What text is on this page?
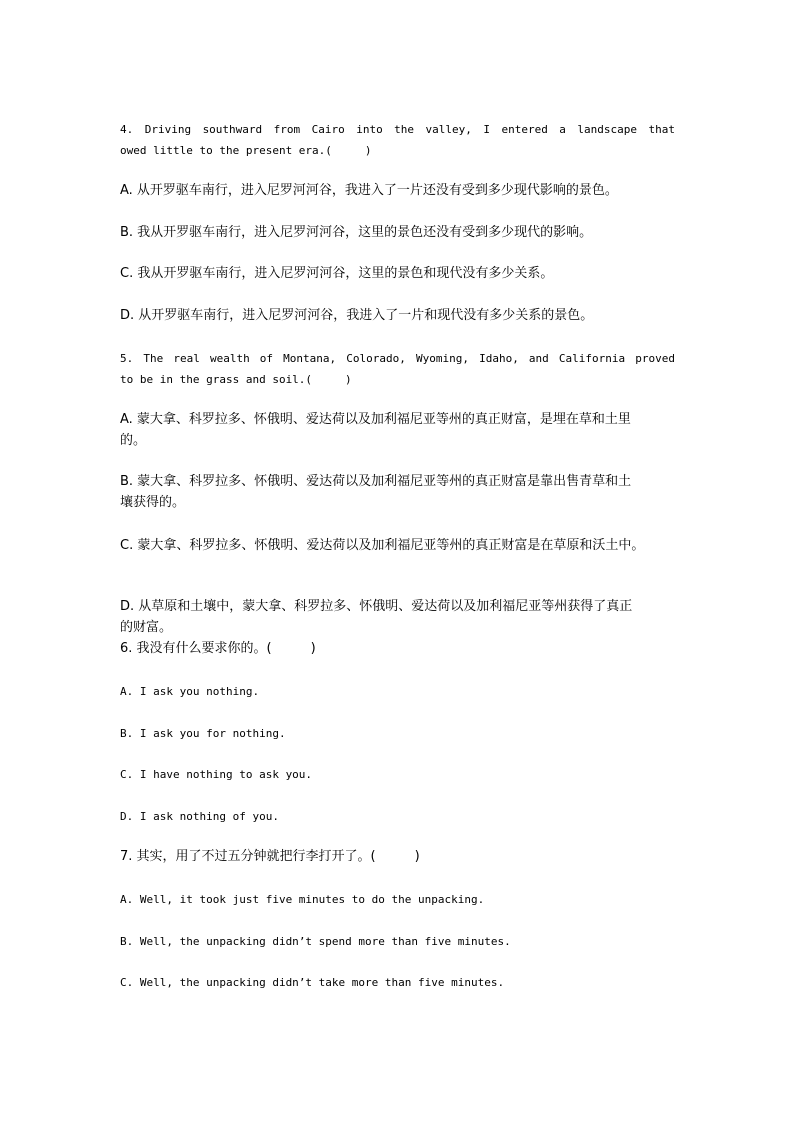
4. Driving southward from Cairo into the valley, I entered a landscape that
owed little to the present era.(　　　)
A. 从开罗驱车南行，进入尼罗河河谷，我进入了一片还没有受到多少现代影响的景色。
B. 我从开罗驱车南行，进入尼罗河河谷，这里的景色还没有受到多少现代的影响。
C. 我从开罗驱车南行，进入尼罗河河谷，这里的景色和现代没有多少关系。
D. 从开罗驱车南行，进入尼罗河河谷，我进入了一片和现代没有多少关系的景色。
5. The real wealth of Montana, Colorado, Wyoming, Idaho, and California proved
to be in the grass and soil.(　　　)
A. 蒙大拿、科罗拉多、怀俄明、爱达荷以及加利福尼亚等州的真正财富，是埋在草和土里
的。
B. 蒙大拿、科罗拉多、怀俄明、爱达荷以及加利福尼亚等州的真正财富是靠出售青草和土
壤获得的。
C. 蒙大拿、科罗拉多、怀俄明、爱达荷以及加利福尼亚等州的真正财富是在草原和沃土中。
D. 从草原和土壤中，蒙大拿、科罗拉多、怀俄明、爱达荷以及加利福尼亚等州获得了真正
的财富。
6. 我没有什么要求你的。(　　　)
A. I ask you nothing.
B. I ask you for nothing.
C. I have nothing to ask you.
D. I ask nothing of you.
7. 其实，用了不过五分钟就把行李打开了。(　　　)
A. Well, it took just five minutes to do the unpacking.
B. Well, the unpacking didn’t spend more than five minutes.
C. Well, the unpacking didn’t take more than five minutes.
